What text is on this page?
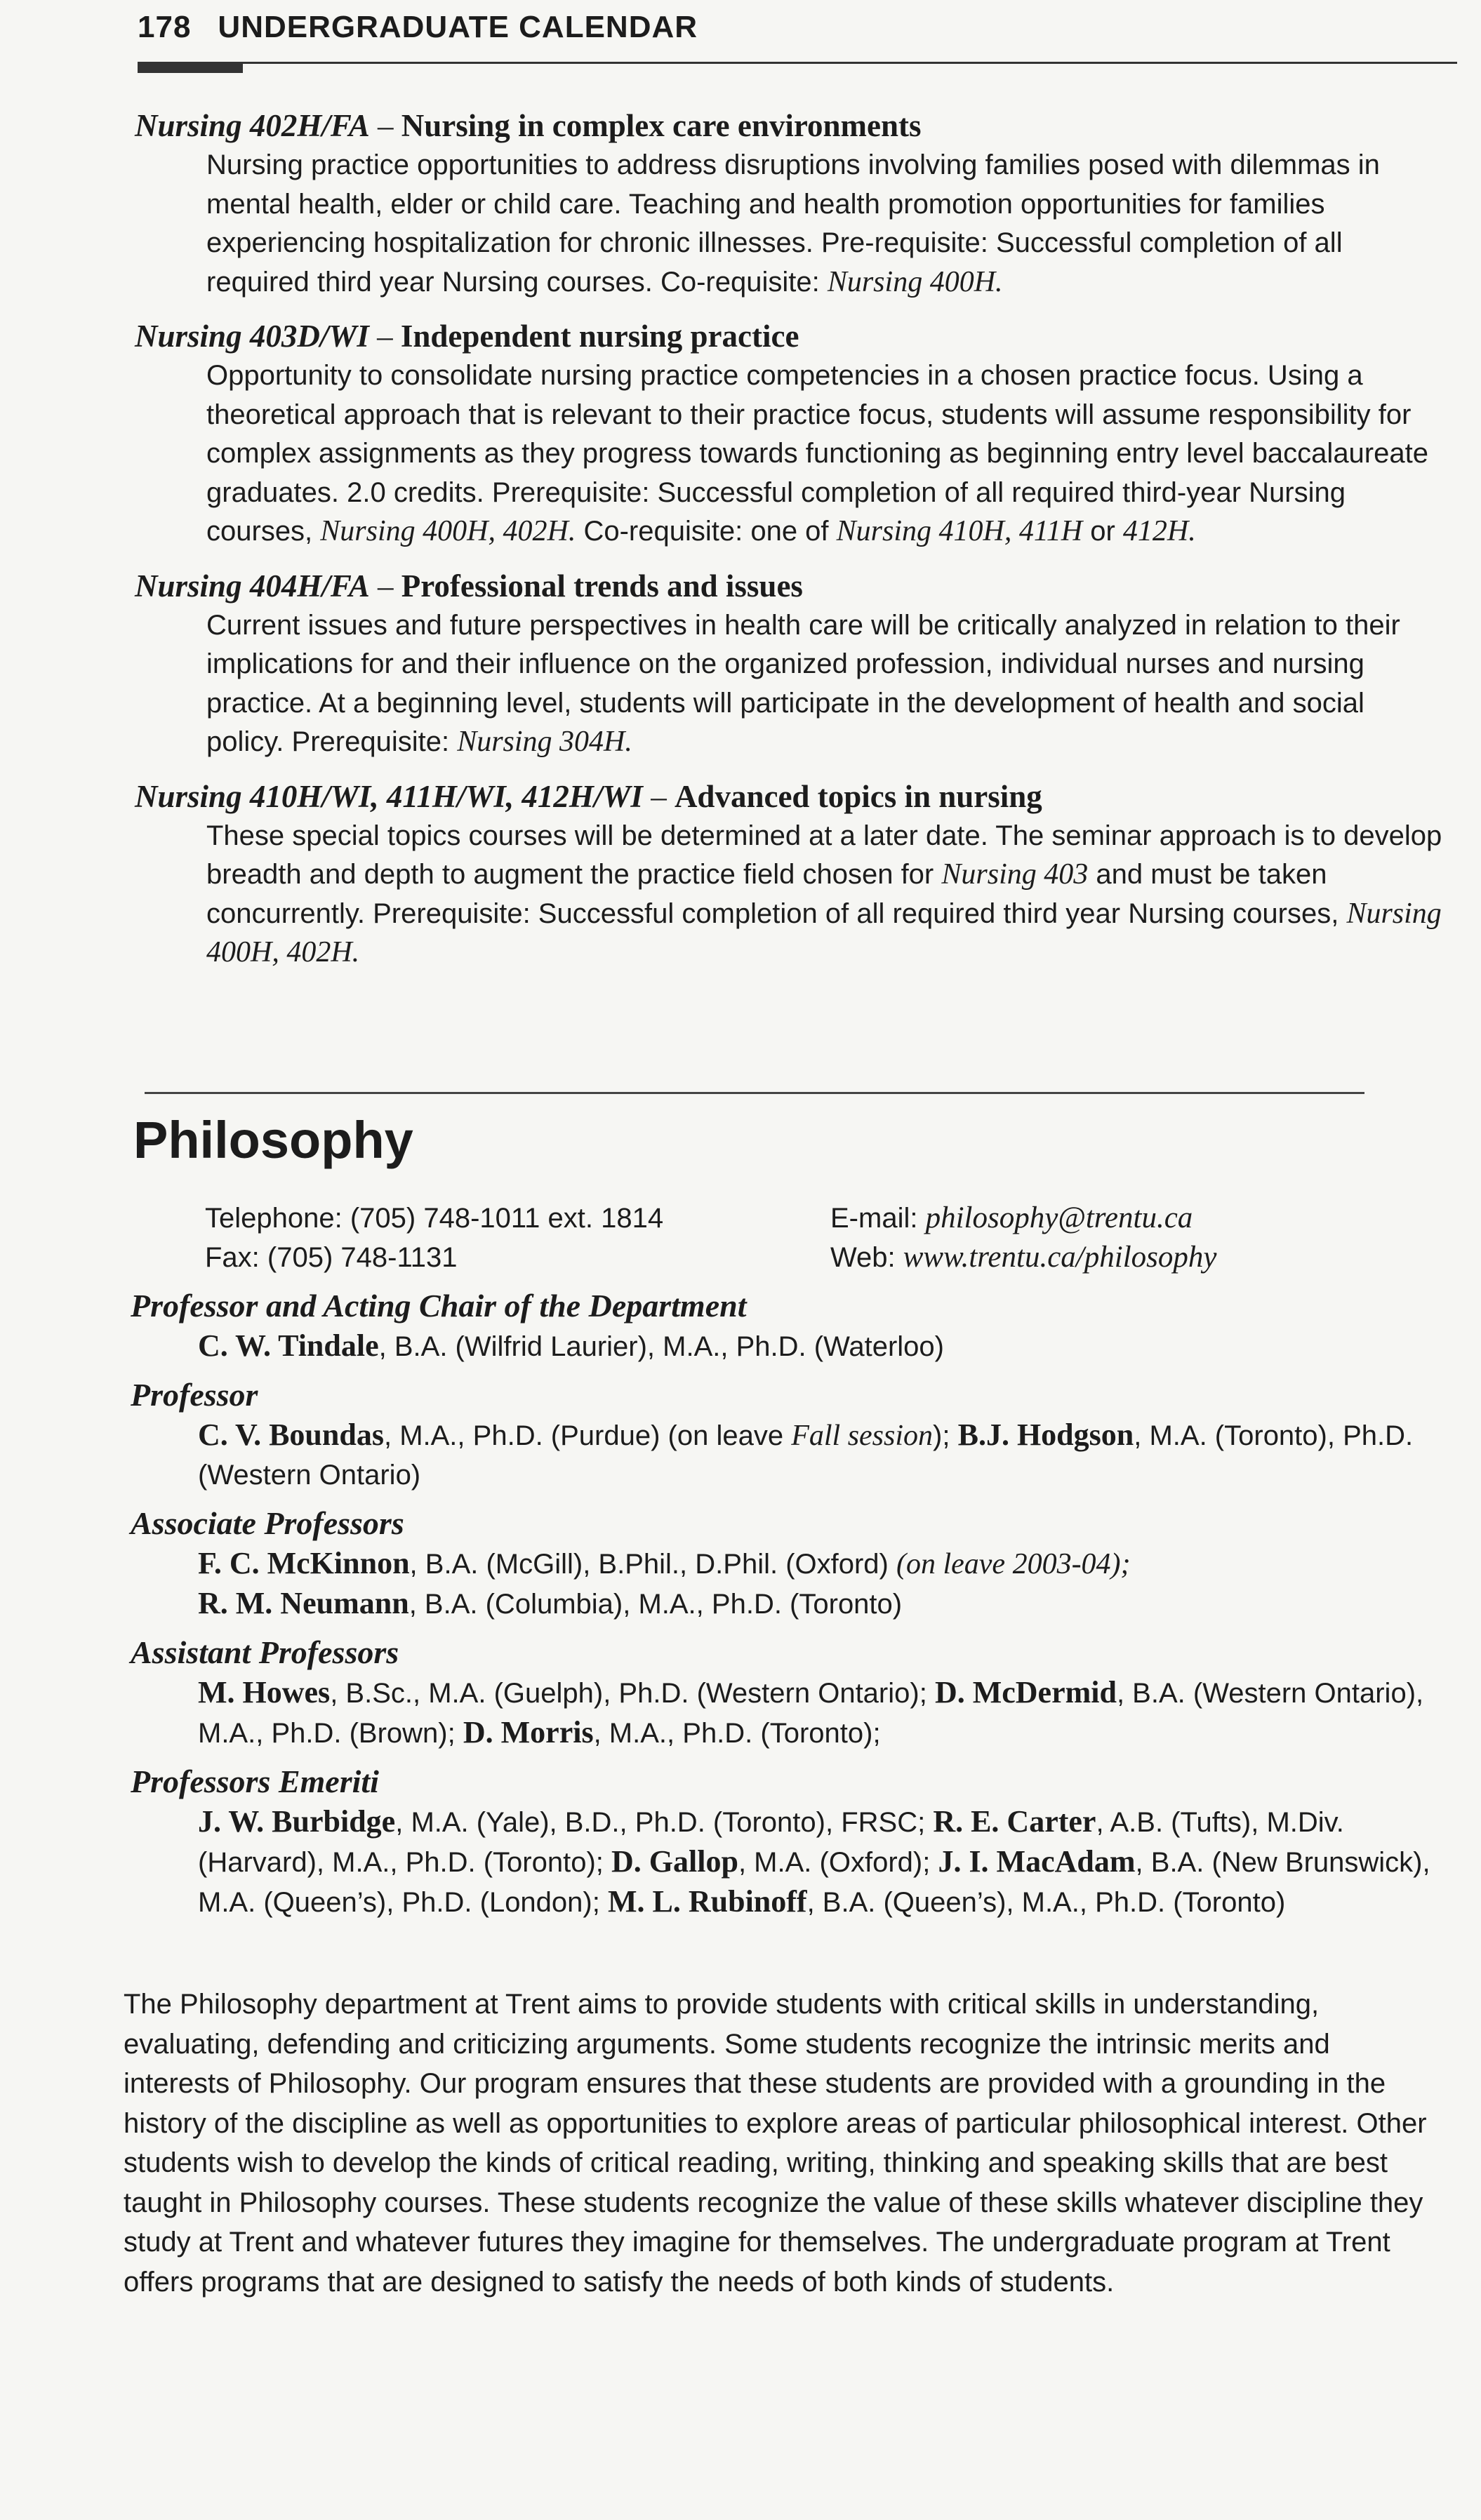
178 UNDERGRADUATE CALENDAR
Nursing 402H/FA – Nursing in complex care environments
Nursing practice opportunities to address disruptions involving families posed with dilemmas in mental health, elder or child care. Teaching and health promotion opportunities for families experiencing hospitalization for chronic illnesses. Pre-requisite: Successful completion of all required third year Nursing courses. Co-requisite: Nursing 400H.
Nursing 403D/WI – Independent nursing practice
Opportunity to consolidate nursing practice competencies in a chosen practice focus. Using a theoretical approach that is relevant to their practice focus, students will assume responsibility for complex assignments as they progress towards functioning as beginning entry level baccalaureate graduates. 2.0 credits. Prerequisite: Successful completion of all required third-year Nursing courses, Nursing 400H, 402H. Co-requisite: one of Nursing 410H, 411H or 412H.
Nursing 404H/FA – Professional trends and issues
Current issues and future perspectives in health care will be critically analyzed in relation to their implications for and their influence on the organized profession, individual nurses and nursing practice. At a beginning level, students will participate in the development of health and social policy. Prerequisite: Nursing 304H.
Nursing 410H/WI, 411H/WI, 412H/WI – Advanced topics in nursing
These special topics courses will be determined at a later date. The seminar approach is to develop breadth and depth to augment the practice field chosen for Nursing 403 and must be taken concurrently. Prerequisite: Successful completion of all required third year Nursing courses, Nursing 400H, 402H.
Philosophy
Telephone: (705) 748-1011 ext. 1814
Fax: (705) 748-1131
E-mail: philosophy@trentu.ca
Web: www.trentu.ca/philosophy
Professor and Acting Chair of the Department
C. W. Tindale, B.A. (Wilfrid Laurier), M.A., Ph.D. (Waterloo)
Professor
C. V. Boundas, M.A., Ph.D. (Purdue) (on leave Fall session); B.J. Hodgson, M.A. (Toronto), Ph.D. (Western Ontario)
Associate Professors
F. C. McKinnon, B.A. (McGill), B.Phil., D.Phil. (Oxford) (on leave 2003-04);
R. M. Neumann, B.A. (Columbia), M.A., Ph.D. (Toronto)
Assistant Professors
M. Howes, B.Sc., M.A. (Guelph), Ph.D. (Western Ontario); D. McDermid, B.A. (Western Ontario), M.A., Ph.D. (Brown); D. Morris, M.A., Ph.D. (Toronto);
Professors Emeriti
J. W. Burbidge, M.A. (Yale), B.D., Ph.D. (Toronto), FRSC; R. E. Carter, A.B. (Tufts), M.Div. (Harvard), M.A., Ph.D. (Toronto); D. Gallop, M.A. (Oxford); J. I. MacAdam, B.A. (New Brunswick), M.A. (Queen’s), Ph.D. (London); M. L. Rubinoff, B.A. (Queen’s), M.A., Ph.D. (Toronto)
The Philosophy department at Trent aims to provide students with critical skills in understanding, evaluating, defending and criticizing arguments. Some students recognize the intrinsic merits and interests of Philosophy. Our program ensures that these students are provided with a grounding in the history of the discipline as well as opportunities to explore areas of particular philosophical interest. Other students wish to develop the kinds of critical reading, writing, thinking and speaking skills that are best taught in Philosophy courses. These students recognize the value of these skills whatever discipline they study at Trent and whatever futures they imagine for themselves. The undergraduate program at Trent offers programs that are designed to satisfy the needs of both kinds of students.
